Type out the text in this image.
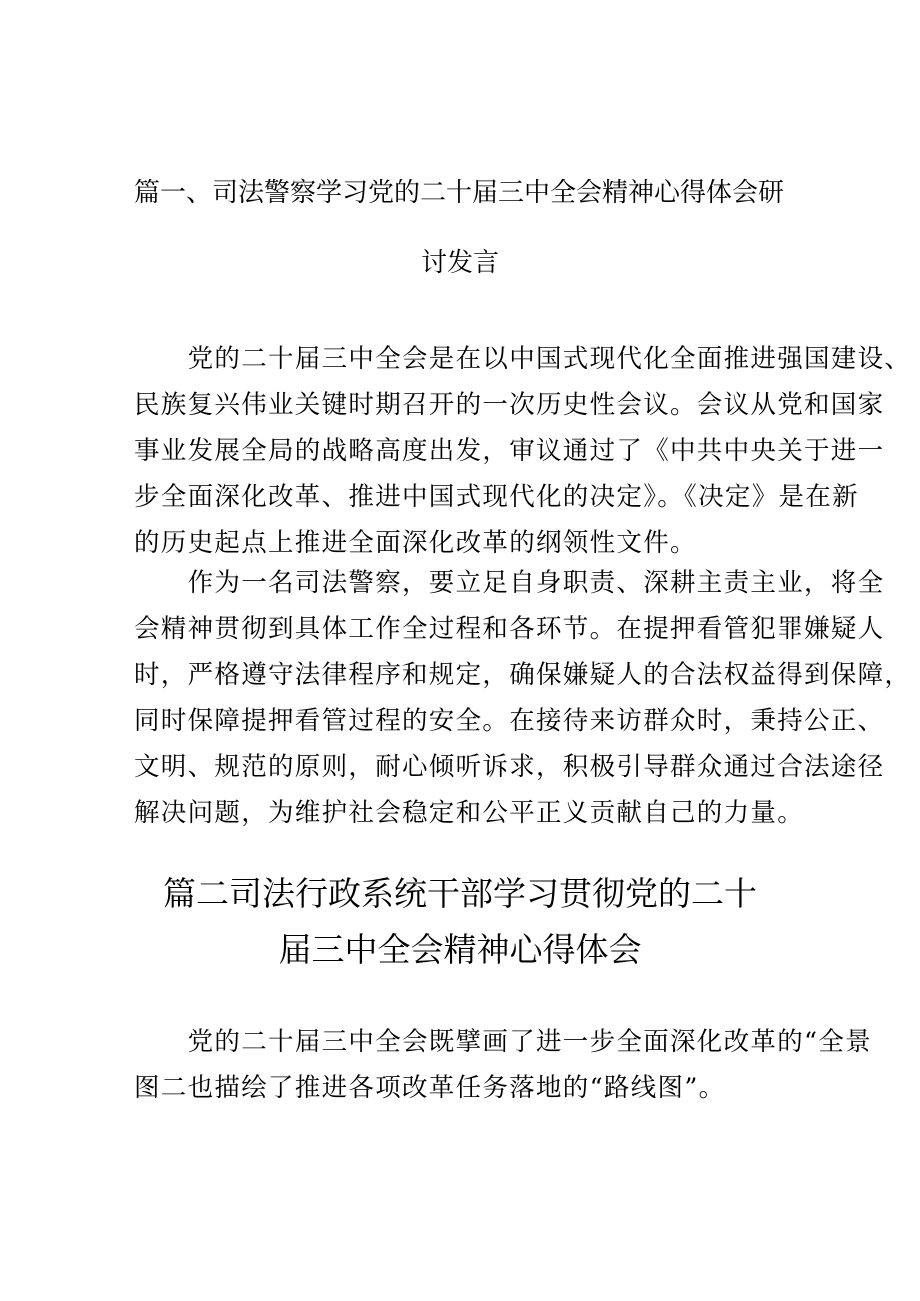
篇一、司法警察学习党的二十届三中全会精神心得体会研
讨发言

　　党的二十届三中全会是在以中国式现代化全面推进强国建设、
民族复兴伟业关键时期召开的一次历史性会议。会议从党和国家
事业发展全局的战略高度出发，审议通过了《中共中央关于进一
步全面深化改革、推进中国式现代化的决定》。《决定》是在新
的历史起点上推进全面深化改革的纲领性文件。

　　作为一名司法警察，要立足自身职责、深耕主责主业，将全
会精神贯彻到具体工作全过程和各环节。在提押看管犯罪嫌疑人
时，严格遵守法律程序和规定，确保嫌疑人的合法权益得到保障，
同时保障提押看管过程的安全。在接待来访群众时，秉持公正、
文明、规范的原则，耐心倾听诉求，积极引导群众通过合法途径
解决问题，为维护社会稳定和公平正义贡献自己的力量。

篇二司法行政系统干部学习贯彻党的二十
届三中全会精神心得体会

　　党的二十届三中全会既擘画了进一步全面深化改革的“全景
图二也描绘了推进各项改革任务落地的“路线图”。
